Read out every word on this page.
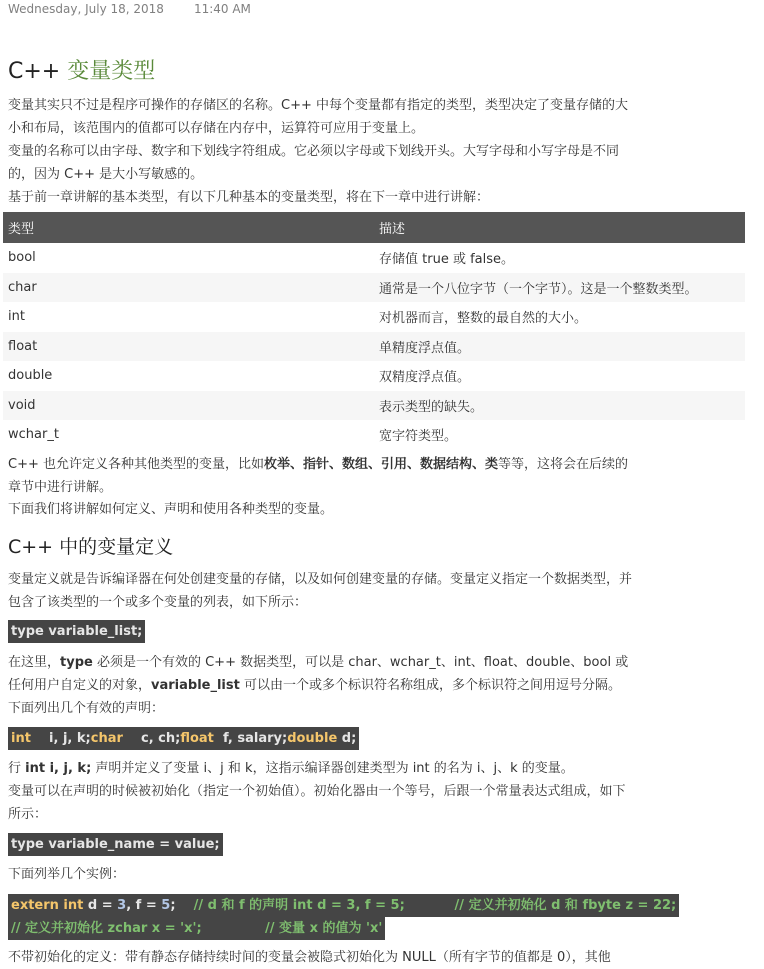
Wednesday, July 18, 2018	11:40 AM
C++ 变量类型
变量其实只不过是程序可操作的存储区的名称。C++ 中每个变量都有指定的类型，类型决定了变量存储的大小和布局，该范围内的值都可以存储在内存中，运算符可应用于变量上。
变量的名称可以由字母、数字和下划线字符组成。它必须以字母或下划线开头。大写字母和小写字母是不同的，因为 C++ 是大小写敏感的。
基于前一章讲解的基本类型，有以下几种基本的变量类型，将在下一章中进行讲解：
类型	描述
bool	存储值 true 或 false。
char	通常是一个八位字节（一个字节）。这是一个整数类型。
int	对机器而言，整数的最自然的大小。
float	单精度浮点值。
double	双精度浮点值。
void	表示类型的缺失。
wchar_t	宽字符类型。
C++ 也允许定义各种其他类型的变量，比如枚举、指针、数组、引用、数据结构、类等等，这将会在后续的章节中进行讲解。
下面我们将讲解如何定义、声明和使用各种类型的变量。
C++ 中的变量定义
变量定义就是告诉编译器在何处创建变量的存储，以及如何创建变量的存储。变量定义指定一个数据类型，并包含了该类型的一个或多个变量的列表，如下所示：
type variable_list;
在这里，type 必须是一个有效的 C++ 数据类型，可以是 char、wchar_t、int、float、double、bool 或任何用户自定义的对象，variable_list 可以由一个或多个标识符名称组成，多个标识符之间用逗号分隔。
下面列出几个有效的声明：
int    i, j, k;char    c, ch;float  f, salary;double d;
行 int i, j, k; 声明并定义了变量 i、j 和 k，这指示编译器创建类型为 int 的名为 i、j、k 的变量。
变量可以在声明的时候被初始化（指定一个初始值）。初始化器由一个等号，后跟一个常量表达式组成，如下所示：
type variable_name = value;
下面列举几个实例：
extern int d = 3, f = 5;    // d 和 f 的声明 int d = 3, f = 5;           // 定义并初始化 d 和 fbyte z = 22;
// 定义并初始化 zchar x = 'x';              // 变量 x 的值为 'x'
不带初始化的定义：带有静态存储持续时间的变量会被隐式初始化为 NULL（所有字节的值都是 0），其他
